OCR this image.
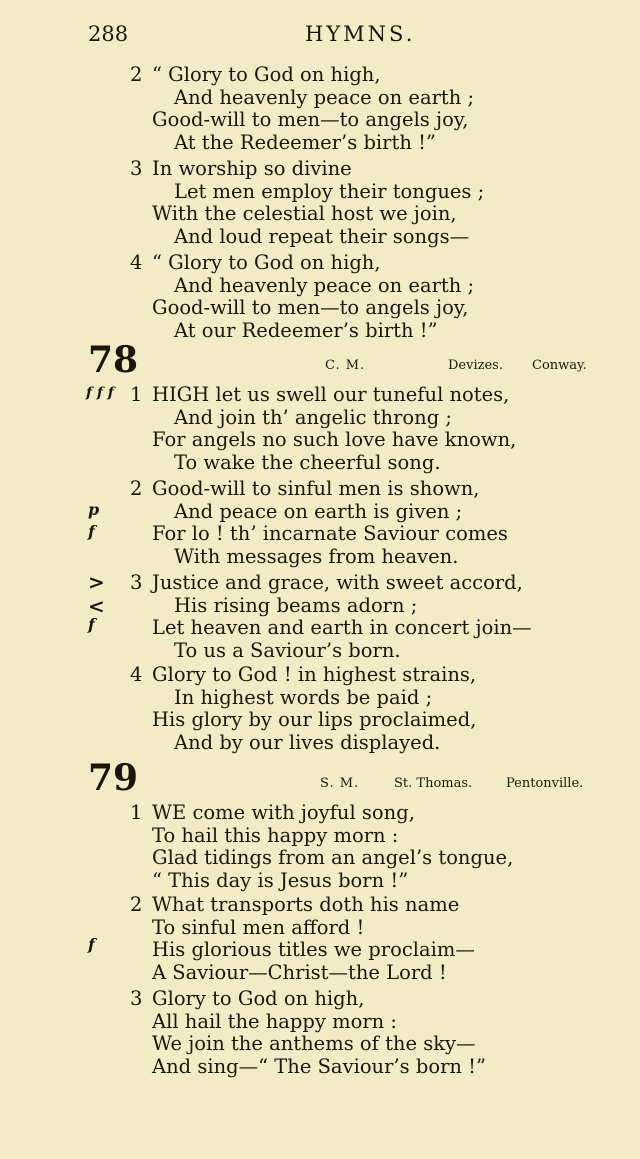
288	HYMNS.
2 “ Glory to God on high,
And heavenly peace on earth ;
Good-will to men—to angels joy,
At the Redeemer’s birth !”
3 In worship so divine
Let men employ their tongues ;
With the celestial host we join,
And loud repeat their songs—
4 “ Glory to God on high,
And heavenly peace on earth ;
Good-will to men—to angels joy,
At our Redeemer’s birth !”
78	C. M.	Devizes. Conway.
f f f 1 HIGH let us swell our tuneful notes,
And join th’ angelic throng ;
For angels no such love have known,
To wake the cheerful song.
p
f
2 Good-will to sinful men is shown,
And peace on earth is given ;
For lo ! th’ incarnate Saviour comes
With messages from heaven.
>
<
f
3 Justice and grace, with sweet accord,
His rising beams adorn ;
Let heaven and earth in concert join—
To us a Saviour’s born.
4 Glory to God ! in highest strains,
In highest words be paid ;
His glory by our lips proclaimed,
And by our lives displayed.
79	S. M.	St. Thomas.	Pentonville.
1 WE come with joyful song,
To hail this happy morn :
Glad tidings from an angel’s tongue,
“ This day is Jesus born !”
f
2 What transports doth his name
To sinful men afford !
His glorious titles we proclaim—
A Saviour—Christ—the Lord !
3 Glory to God on high,
All hail the happy morn :
We join the anthems of the sky—
And sing—“ The Saviour’s born !”
